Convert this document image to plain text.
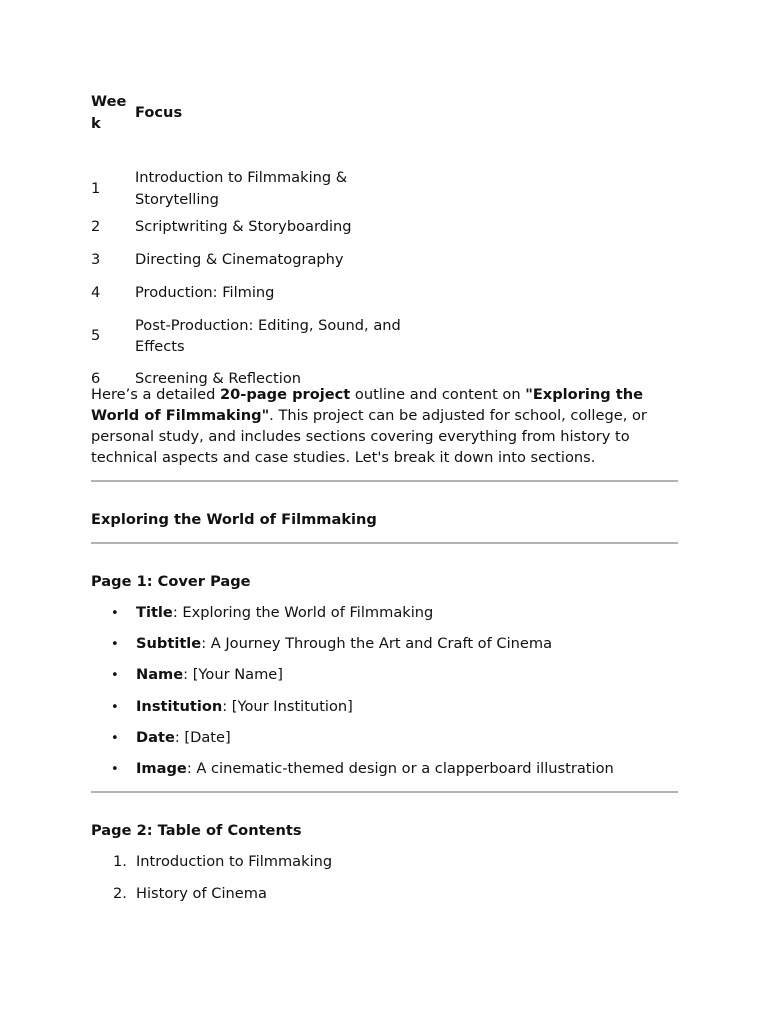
Week	Focus

1	Introduction to Filmmaking & Storytelling
2	Scriptwriting & Storyboarding
3	Directing & Cinematography
4	Production: Filming
5	Post-Production: Editing, Sound, and Effects
6	Screening & Reflection

Here’s a detailed 20-page project outline and content on "Exploring the World of Filmmaking". This project can be adjusted for school, college, or personal study, and includes sections covering everything from history to technical aspects and case studies. Let's break it down into sections.

Exploring the World of Filmmaking

Page 1: Cover Page

• Title: Exploring the World of Filmmaking
• Subtitle: A Journey Through the Art and Craft of Cinema
• Name: [Your Name]
• Institution: [Your Institution]
• Date: [Date]
• Image: A cinematic-themed design or a clapperboard illustration

Page 2: Table of Contents

1. Introduction to Filmmaking
2. History of Cinema
